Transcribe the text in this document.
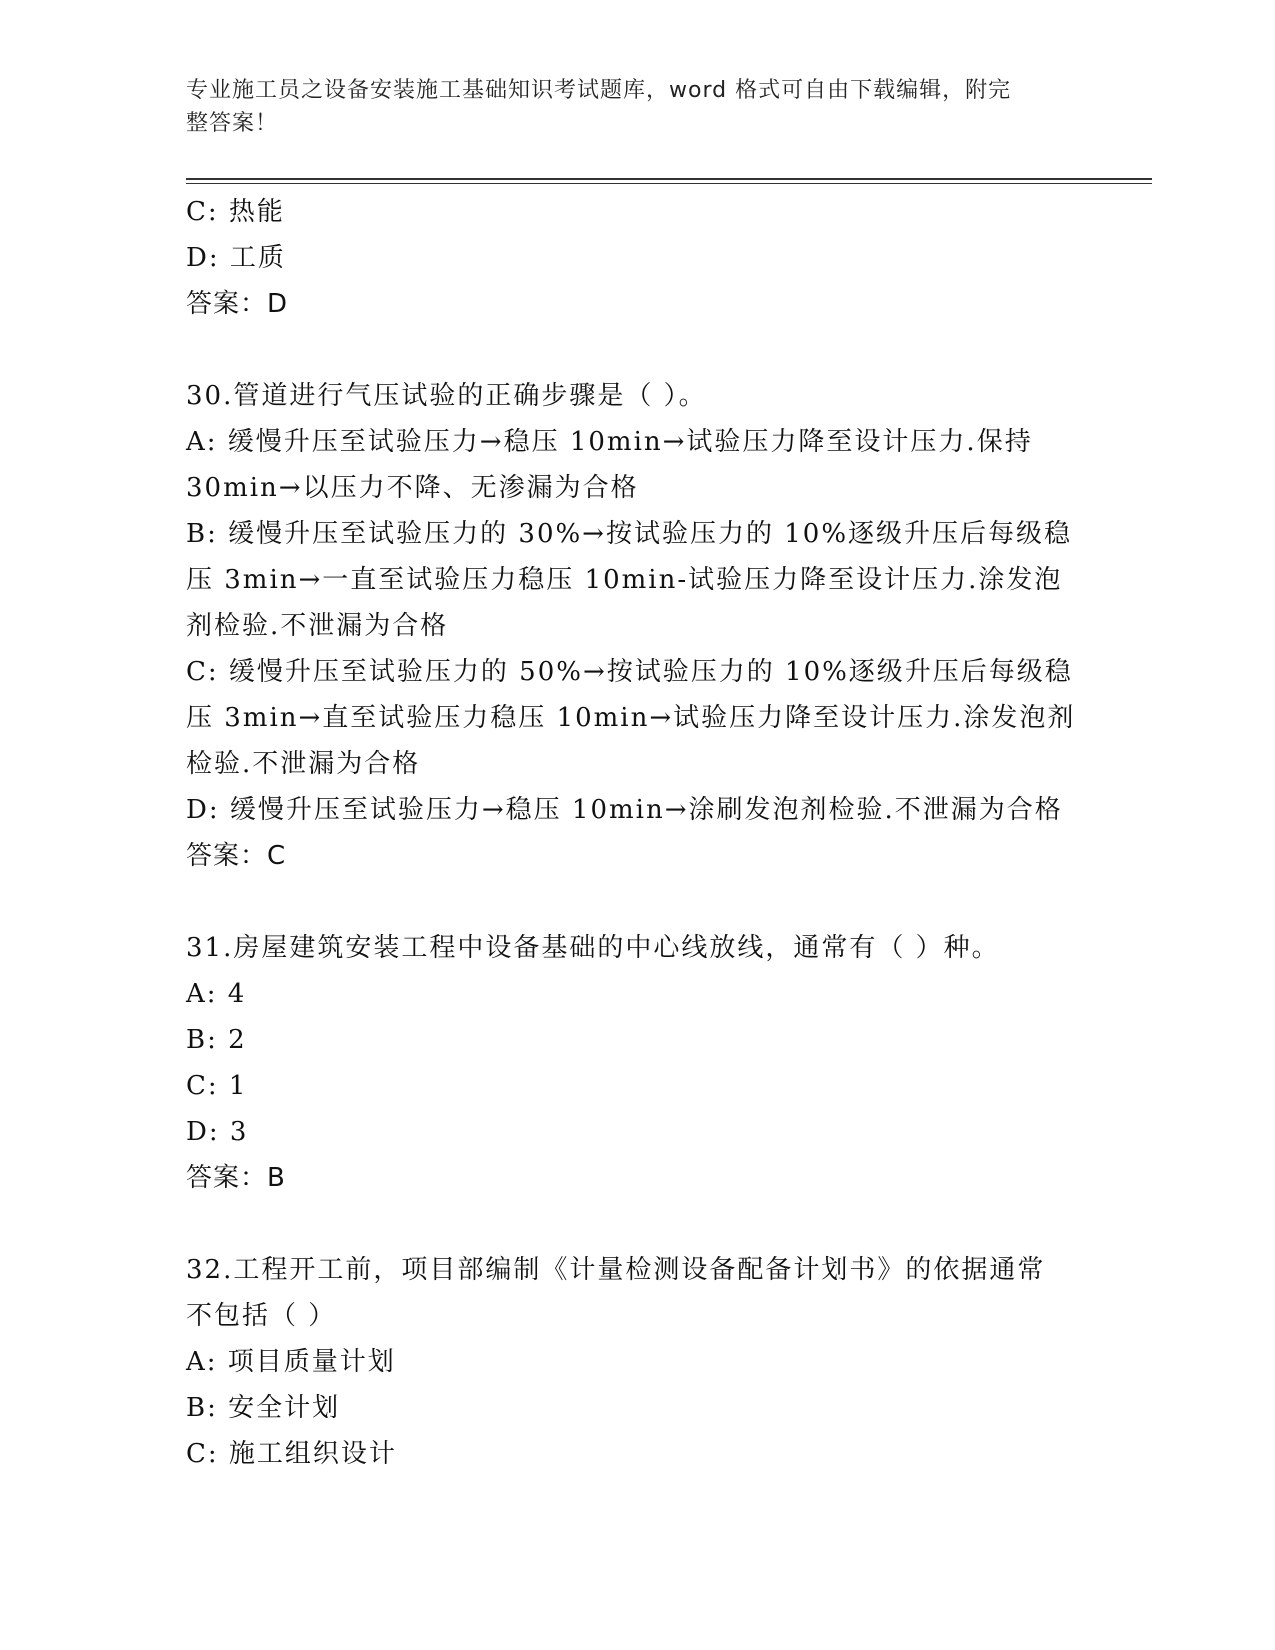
专业施工员之设备安装施工基础知识考试题库，word 格式可自由下载编辑，附完
整答案！
C: 热能
D: 工质
答案：D
30.管道进行气压试验的正确步骤是（ ）。
A: 缓慢升压至试验压力→稳压 10min→试验压力降至设计压力.保持
30min→以压力不降、无渗漏为合格
B: 缓慢升压至试验压力的 30%→按试验压力的 10%逐级升压后每级稳
压 3min→一直至试验压力稳压 10min-试验压力降至设计压力.涂发泡
剂检验.不泄漏为合格
C: 缓慢升压至试验压力的 50%→按试验压力的 10%逐级升压后每级稳
压 3min→直至试验压力稳压 10min→试验压力降至设计压力.涂发泡剂
检验.不泄漏为合格
D: 缓慢升压至试验压力→稳压 10min→涂刷发泡剂检验.不泄漏为合格
答案：C
31.房屋建筑安装工程中设备基础的中心线放线，通常有（ ）种。
A: 4
B: 2
C: 1
D: 3
答案：B
32.工程开工前，项目部编制《计量检测设备配备计划书》的依据通常
不包括（ ）
A: 项目质量计划
B: 安全计划
C: 施工组织设计
